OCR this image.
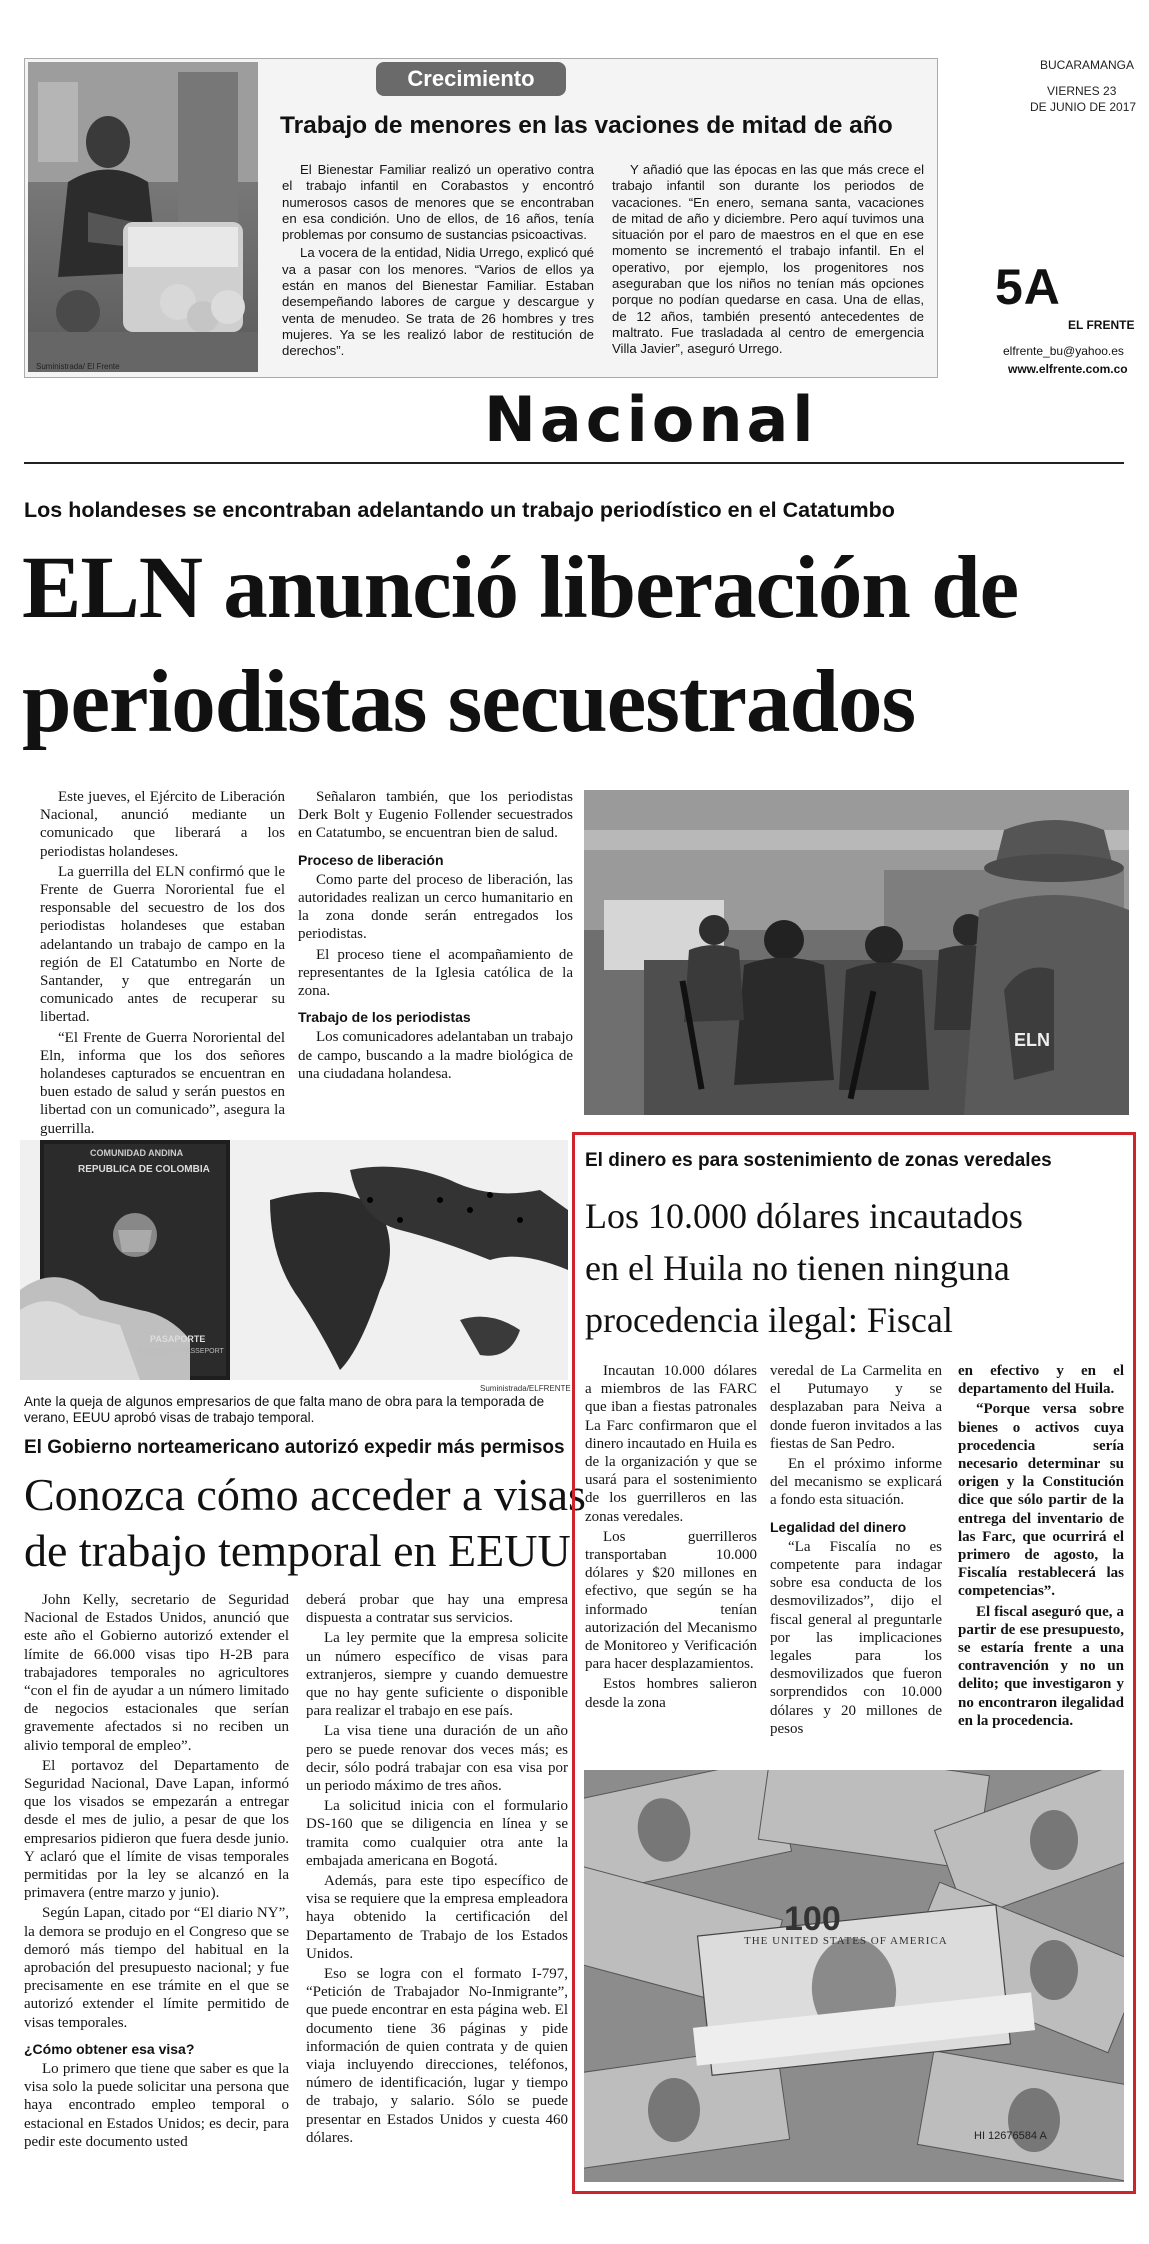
Suministrada/ El Frente
Crecimiento
Trabajo de menores en las vaciones de mitad de año

El Bienestar Familiar realizó un operativo contra el trabajo infantil en Corabastos y encontró numerosos casos de menores que se encontraban en esa condición. Uno de ellos, de 16 años, tenía problemas por consumo de sustancias psicoactivas.

La vocera de la entidad, Nidia Urrego, explicó qué va a pasar con los menores. “Varios de ellos ya están en manos del Bienestar Familiar. Estaban desempeñando labores de cargue y descargue y venta de menudeo. Se trata de 26 hombres y tres mujeres. Ya se les realizó labor de restitución de derechos”.

Y añadió que las épocas en las que más crece el trabajo infantil son durante los periodos de vacaciones. “En enero, semana santa, vacaciones de mitad de año y diciembre. Pero aquí tuvimos una situación por el paro de maestros en el que en ese momento se incrementó el trabajo infantil. En el operativo, por ejemplo, los progenitores nos aseguraban que los niños no tenían más opciones porque no podían quedarse en casa. Una de ellas, de 12 años, también presentó antecedentes de maltrato. Fue trasladada al centro de emergencia Villa Javier”, aseguró Urrego.

BUCARAMANGA
VIERNES 23
DE JUNIO DE 2017
5A
EL FRENTE
elfrente_bu@yahoo.es
www.elfrente.com.co
Nacional
Los holandeses se encontraban adelantando un trabajo periodístico en el Catatumbo
ELN anunció liberación de
periodistas secuestrados

Este jueves, el Ejército de Liberación Nacional, anunció mediante un comunicado que liberará a los periodistas holandeses.

La guerrilla del ELN confirmó que le Frente de Guerra Nororiental fue el responsable del secuestro de los dos periodistas holandeses que estaban adelantando un trabajo de campo en la región de El Catatumbo en Norte de Santander, y que entregarán un comunicado antes de recuperar su libertad.

“El Frente de Guerra Nororiental del Eln, informa que los dos señores holandeses capturados se encuentran en buen estado de salud y serán puestos en libertad con un comunicado”, asegura la guerrilla.

Señalaron también, que los periodistas Derk Bolt y Eugenio Follender secuestrados en Catatumbo, se encuentran bien de salud.

Proceso de liberación

Como parte del proceso de liberación, las autoridades realizan un cerco humanitario en la zona donde serán entregados los periodistas.

El proceso tiene el acompañamiento de representantes de la Iglesia católica de la zona.

Trabajo de los periodistas

Los comunicadores adelantaban un trabajo de campo, buscando a la madre biológica de una ciudadana holandesa.

ELN
COMUNIDAD ANDINA
REPUBLICA DE COLOMBIA
PASAPORTE
PASSPORT • PASSEPORT
Suministrada/ELFRENTE
Ante la queja de algunos empresarios de que falta mano de obra para la temporada de verano, EEUU aprobó visas de trabajo temporal.
El Gobierno norteamericano autorizó expedir más permisos
Conozca cómo acceder a visas
de trabajo temporal en EEUU

John Kelly, secretario de Seguridad Nacional de Estados Unidos, anunció que este año el Gobierno autorizó extender el límite de 66.000 visas tipo H-2B para trabajadores temporales no agricultores “con el fin de ayudar a un número limitado de negocios estacionales que serían gravemente afectados si no reciben un alivio temporal de empleo”.

El portavoz del Departamento de Seguridad Nacional, Dave Lapan, informó que los visados se empezarán a entregar desde el mes de julio, a pesar de que los empresarios pidieron que fuera desde junio. Y aclaró que el límite de visas temporales permitidas por la ley se alcanzó en la primavera (entre marzo y junio).

Según Lapan, citado por “El diario NY”, la demora se produjo en el Congreso que se demoró más tiempo del habitual en la aprobación del presupuesto nacional; y fue precisamente en ese trámite en el que se autorizó extender el límite permitido de visas temporales.

¿Cómo obtener esa visa?

Lo primero que tiene que saber es que la visa solo la puede solicitar una persona que haya encontrado empleo temporal o estacional en Estados Unidos; es decir, para pedir este documento usted

deberá probar que hay una empresa dispuesta a contratar sus servicios.

La ley permite que la empresa solicite un número específico de visas para extranjeros, siempre y cuando demuestre que no hay gente suficiente o disponible para realizar el trabajo en ese país.

La visa tiene una duración de un año pero se puede renovar dos veces más; es decir, sólo podrá trabajar con esa visa por un periodo máximo de tres años.

La solicitud inicia con el formulario DS-160 que se diligencia en línea y se tramita como cualquier otra ante la embajada americana en Bogotá.

Además, para este tipo específico de visa se requiere que la empresa empleadora haya obtenido la certificación del Departamento de Trabajo de los Estados Unidos.

Eso se logra con el formato I-797, “Petición de Trabajador No-Inmigrante”, que puede encontrar en esta página web. El documento tiene 36 páginas y pide información de quien contrata y de quien viaja incluyendo direcciones, teléfonos, número de identificación, lugar y tiempo de trabajo, y salario. Sólo se puede presentar en Estados Unidos y cuesta 460 dólares.

El dinero es para sostenimiento de zonas veredales
Los 10.000 dólares incautados
en el Huila no tienen ninguna
procedencia ilegal: Fiscal

Incautan 10.000 dólares a miembros de las FARC que iban a fiestas patronales La Farc confirmaron que el dinero incautado en Huila es de la organización y que se usará para el sostenimiento de los guerrilleros en las zonas veredales.

Los guerrilleros transportaban 10.000 dólares y $20 millones en efectivo, que según se ha informado tenían autorización del Mecanismo de Monitoreo y Verificación para hacer desplazamientos.

Estos hombres salieron desde la zona

veredal de La Carmelita en el Putumayo y se desplazaban para Neiva a donde fueron invitados a las fiestas de San Pedro.

En el próximo informe del mecanismo se explicará a fondo esta situación.

Legalidad del dinero

“La Fiscalía no es competente para indagar sobre esa conducta de los desmovilizados”, dijo el fiscal general al preguntarle por las implicaciones legales para los desmovilizados que fueron sorprendidos con 10.000 dólares y 20 millones de pesos

en efectivo y en el departamento del Huila.

“Porque versa sobre bienes o activos cuya procedencia sería necesario determinar su origen y la Constitución dice que sólo partir de la entrega del inventario de las Farc, que ocurrirá el primero de agosto, la Fiscalía restablecerá las competencias”.

El fiscal aseguró que, a partir de ese presupuesto, se estaría frente a una contravención y no un delito; que investigaron y no encontraron ilegalidad en la procedencia.

100
HI 12676584 A
THE UNITED STATES OF AMERICA
